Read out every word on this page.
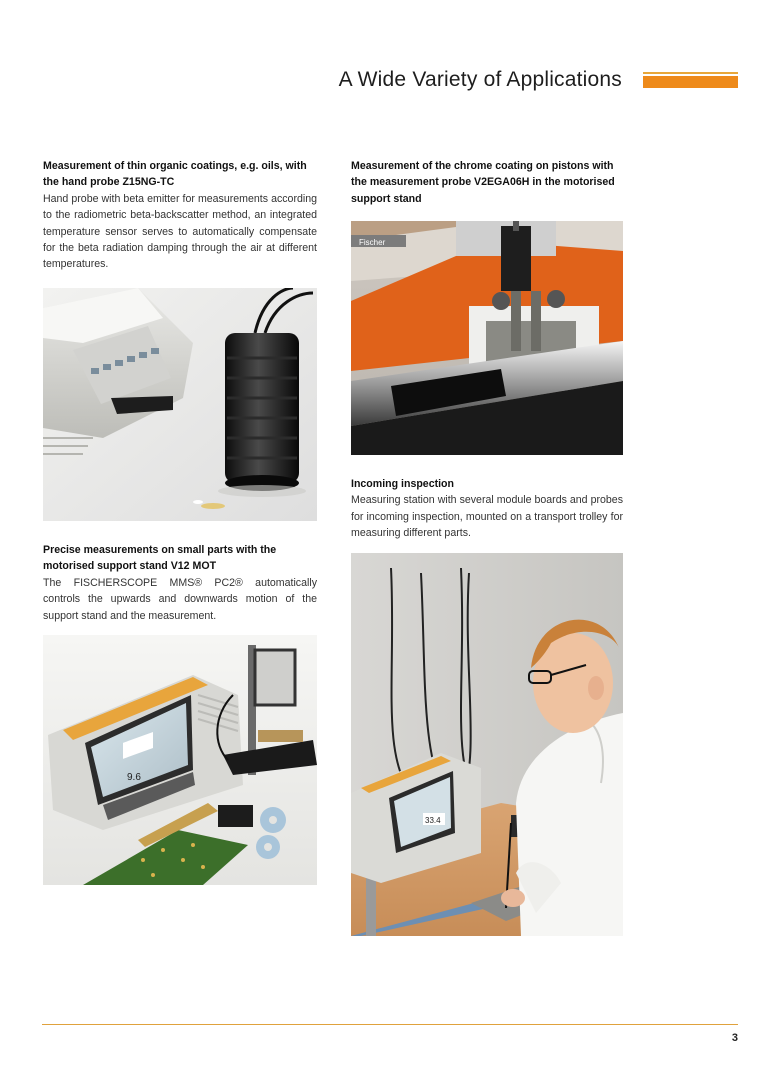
A Wide Variety of Applications
Measurement of thin organic coatings, e.g. oils, with the hand probe Z15NG-TC
Hand probe with beta emitter for measurements according to the radiometric beta-backscatter method, an integrated temperature sensor serves to automatically compensate for the beta radiation damping through the air at different temperatures.
Precise measurements on small parts with the motorised support stand V12 MOT
The FISCHERSCOPE MMS® PC2® automatically controls the upwards and downwards motion of the support stand and the measurement.
9.6
Measurement of the chrome coating on pistons with the measurement probe V2EGA06H in the motorised support stand
Fischer
Incoming inspection
Measuring station with several module boards and probes for incoming inspection, mounted on a transport trolley for measuring different parts.
33.4
3
